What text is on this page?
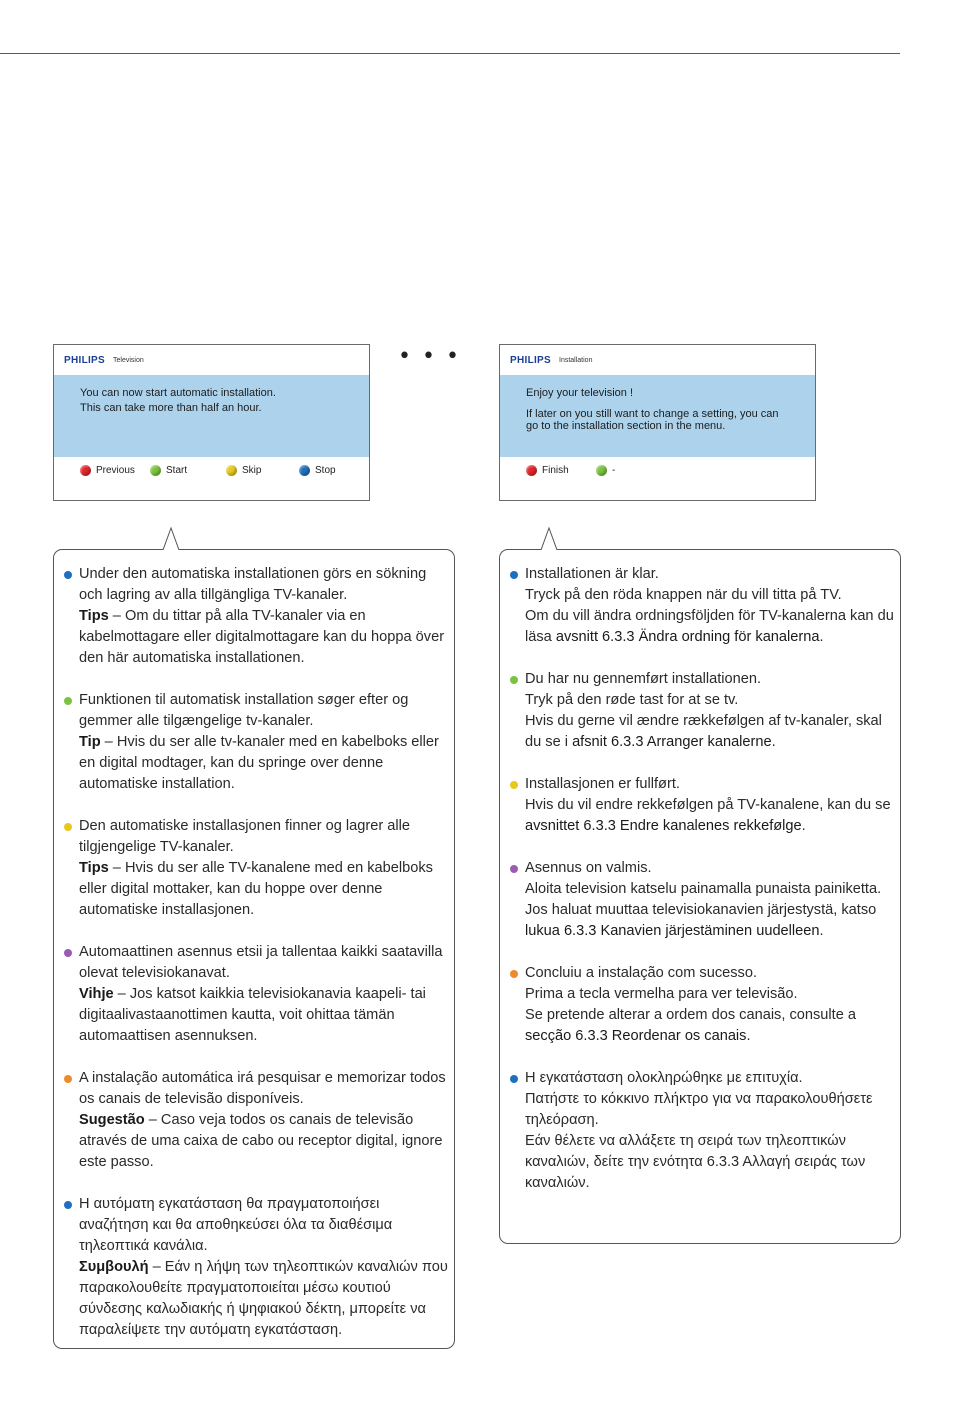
• • •
PHILIPS Television
You can now start automatic installation.
This can take more than half an hour.
Previous	Start	Skip	Stop
PHILIPS Installation
Enjoy your television !
If later on you still want to change a setting, you can
go to the installation section in the menu.
Finish	-

Under den automatiska installationen görs en sökning och lagring av alla tillgängliga TV-kanaler.
Tips – Om du tittar på alla TV-kanaler via en kabelmottagare eller digitalmottagare kan du hoppa över den här automatiska installationen.

Funktionen til automatisk installation søger efter og gemmer alle tilgængelige tv-kanaler.
Tip – Hvis du ser alle tv-kanaler med en kabelboks eller en digital modtager, kan du springe over denne automatiske installation.

Den automatiske installasjonen finner og lagrer alle tilgjengelige TV-kanaler.
Tips – Hvis du ser alle TV-kanalene med en kabelboks eller digital mottaker, kan du hoppe over denne automatiske installasjonen.

Automaattinen asennus etsii ja tallentaa kaikki saatavilla olevat televisiokanavat.
Vihje – Jos katsot kaikkia televisiokanavia kaapeli- tai digitaalivastaanottimen kautta, voit ohittaa tämän automaattisen asennuksen.

A instalação automática irá pesquisar e memorizar todos os canais de televisão disponíveis.
Sugestão – Caso veja todos os canais de televisão através de uma caixa de cabo ou receptor digital, ignore este passo.

Η αυτόματη εγκατάσταση θα πραγματοποιήσει αναζήτηση και θα αποθηκεύσει όλα τα διαθέσιμα τηλεοπτικά κανάλια.
Συμβουλή – Εάν η λήψη των τηλεοπτικών καναλιών που παρακολουθείτε πραγματοποιείται μέσω κουτιού σύνδεσης καλωδιακής ή ψηφιακού δέκτη, μπορείτε να παραλείψετε την αυτόματη εγκατάσταση.

Installationen är klar.
Tryck på den röda knappen när du vill titta på TV.
Om du vill ändra ordningsföljden för TV-kanalerna kan du läsa avsnitt 6.3.3 Ändra ordning för kanalerna.

Du har nu gennemført installationen.
Tryk på den røde tast for at se tv.
Hvis du gerne vil ændre rækkefølgen af tv-kanaler, skal du se i afsnit 6.3.3 Arranger kanalerne.

Installasjonen er fullført.
Hvis du vil endre rekkefølgen på TV-kanalene, kan du se avsnittet 6.3.3 Endre kanalenes rekkefølge.

Asennus on valmis.
Aloita television katselu painamalla punaista painiketta. Jos haluat muuttaa televisiokanavien järjestystä, katso lukua 6.3.3 Kanavien järjestäminen uudelleen.

Concluiu a instalação com sucesso.
Prima a tecla vermelha para ver televisão.
Se pretende alterar a ordem dos canais, consulte a secção 6.3.3 Reordenar os canais.

Η εγκατάσταση ολοκληρώθηκε με επιτυχία.
Πατήστε το κόκκινο πλήκτρο για να παρακολουθήσετε τηλεόραση.
Εάν θέλετε να αλλάξετε τη σειρά των τηλεοπτικών καναλιών, δείτε την ενότητα 6.3.3 Αλλαγή σειράς των καναλιών.
